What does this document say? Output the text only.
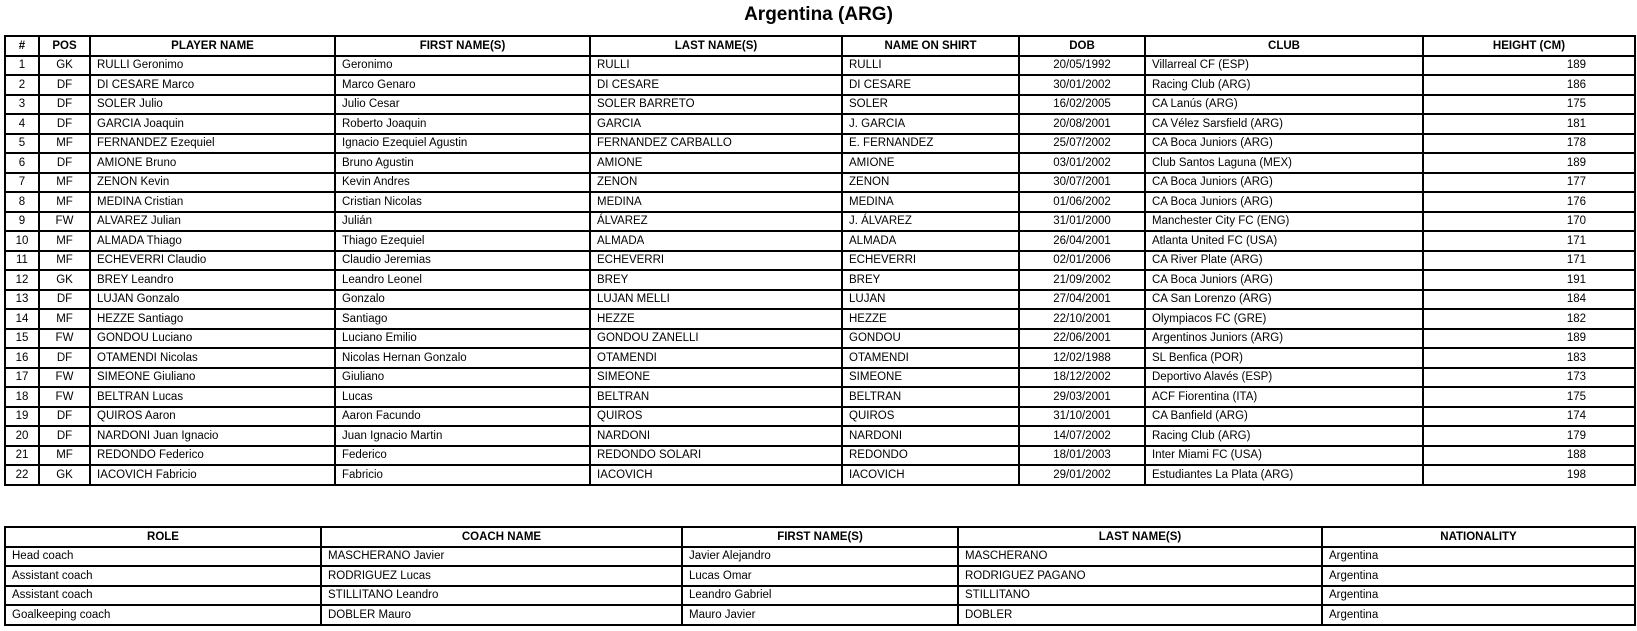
Argentina (ARG)
#	POS	PLAYER NAME	FIRST NAME(S)	LAST NAME(S)	NAME ON SHIRT	DOB	CLUB	HEIGHT (CM)
1	GK	RULLI Geronimo	Geronimo	RULLI	RULLI	20/05/1992	Villarreal CF (ESP)	189
2	DF	DI CESARE Marco	Marco Genaro	DI CESARE	DI CESARE	30/01/2002	Racing Club (ARG)	186
3	DF	SOLER Julio	Julio Cesar	SOLER BARRETO	SOLER	16/02/2005	CA Lanús (ARG)	175
4	DF	GARCIA Joaquin	Roberto Joaquin	GARCIA	J. GARCIA	20/08/2001	CA Vélez Sarsfield (ARG)	181
5	MF	FERNANDEZ Ezequiel	Ignacio Ezequiel Agustin	FERNANDEZ CARBALLO	E. FERNANDEZ	25/07/2002	CA Boca Juniors (ARG)	178
6	DF	AMIONE Bruno	Bruno Agustin	AMIONE	AMIONE	03/01/2002	Club Santos Laguna (MEX)	189
7	MF	ZENON Kevin	Kevin Andres	ZENON	ZENON	30/07/2001	CA Boca Juniors (ARG)	177
8	MF	MEDINA Cristian	Cristian Nicolas	MEDINA	MEDINA	01/06/2002	CA Boca Juniors (ARG)	176
9	FW	ALVAREZ Julian	Julián	ÁLVAREZ	J. ÁLVAREZ	31/01/2000	Manchester City FC (ENG)	170
10	MF	ALMADA Thiago	Thiago Ezequiel	ALMADA	ALMADA	26/04/2001	Atlanta United FC (USA)	171
11	MF	ECHEVERRI Claudio	Claudio Jeremias	ECHEVERRI	ECHEVERRI	02/01/2006	CA River Plate (ARG)	171
12	GK	BREY Leandro	Leandro Leonel	BREY	BREY	21/09/2002	CA Boca Juniors (ARG)	191
13	DF	LUJAN Gonzalo	Gonzalo	LUJAN MELLI	LUJAN	27/04/2001	CA San Lorenzo (ARG)	184
14	MF	HEZZE Santiago	Santiago	HEZZE	HEZZE	22/10/2001	Olympiacos FC (GRE)	182
15	FW	GONDOU Luciano	Luciano Emilio	GONDOU ZANELLI	GONDOU	22/06/2001	Argentinos Juniors (ARG)	189
16	DF	OTAMENDI Nicolas	Nicolas Hernan Gonzalo	OTAMENDI	OTAMENDI	12/02/1988	SL Benfica (POR)	183
17	FW	SIMEONE Giuliano	Giuliano	SIMEONE	SIMEONE	18/12/2002	Deportivo Alavés (ESP)	173
18	FW	BELTRAN Lucas	Lucas	BELTRAN	BELTRAN	29/03/2001	ACF Fiorentina (ITA)	175
19	DF	QUIROS Aaron	Aaron Facundo	QUIROS	QUIROS	31/10/2001	CA Banfield (ARG)	174
20	DF	NARDONI Juan Ignacio	Juan Ignacio Martin	NARDONI	NARDONI	14/07/2002	Racing Club (ARG)	179
21	MF	REDONDO Federico	Federico	REDONDO SOLARI	REDONDO	18/01/2003	Inter Miami FC (USA)	188
22	GK	IACOVICH Fabricio	Fabricio	IACOVICH	IACOVICH	29/01/2002	Estudiantes La Plata (ARG)	198
ROLE	COACH NAME	FIRST NAME(S)	LAST NAME(S)	NATIONALITY
Head coach	MASCHERANO Javier	Javier Alejandro	MASCHERANO	Argentina
Assistant coach	RODRIGUEZ Lucas	Lucas Omar	RODRIGUEZ PAGANO	Argentina
Assistant coach	STILLITANO Leandro	Leandro Gabriel	STILLITANO	Argentina
Goalkeeping coach	DOBLER Mauro	Mauro Javier	DOBLER	Argentina
